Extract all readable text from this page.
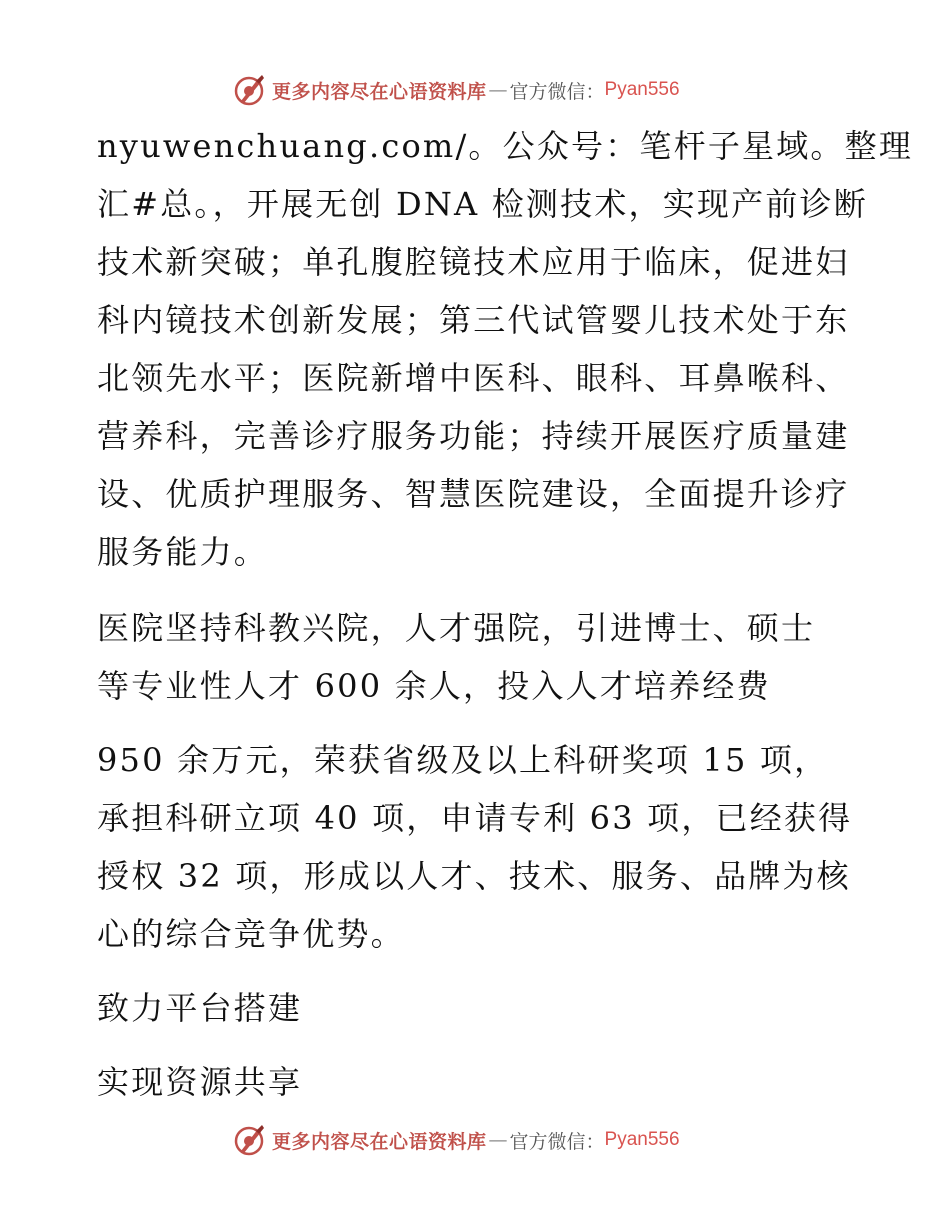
更多内容尽在心语资料库 — 官方微信： Pyan556
nyuwenchuang.com/。公众号：笔杆子星域。整理
汇#总。，开展无创 DNA 检测技术，实现产前诊断
技术新突破；单孔腹腔镜技术应用于临床，促进妇
科内镜技术创新发展；第三代试管婴儿技术处于东
北领先水平；医院新增中医科、眼科、耳鼻喉科、
营养科，完善诊疗服务功能；持续开展医疗质量建
设、优质护理服务、智慧医院建设，全面提升诊疗
服务能力。
医院坚持科教兴院，人才强院，引进博士、硕士
等专业性人才 600 余人，投入人才培养经费
950 余万元，荣获省级及以上科研奖项 15 项，
承担科研立项 40 项，申请专利 63 项，已经获得
授权 32 项，形成以人才、技术、服务、品牌为核
心的综合竞争优势。
致力平台搭建
实现资源共享
更多内容尽在心语资料库 — 官方微信： Pyan556
